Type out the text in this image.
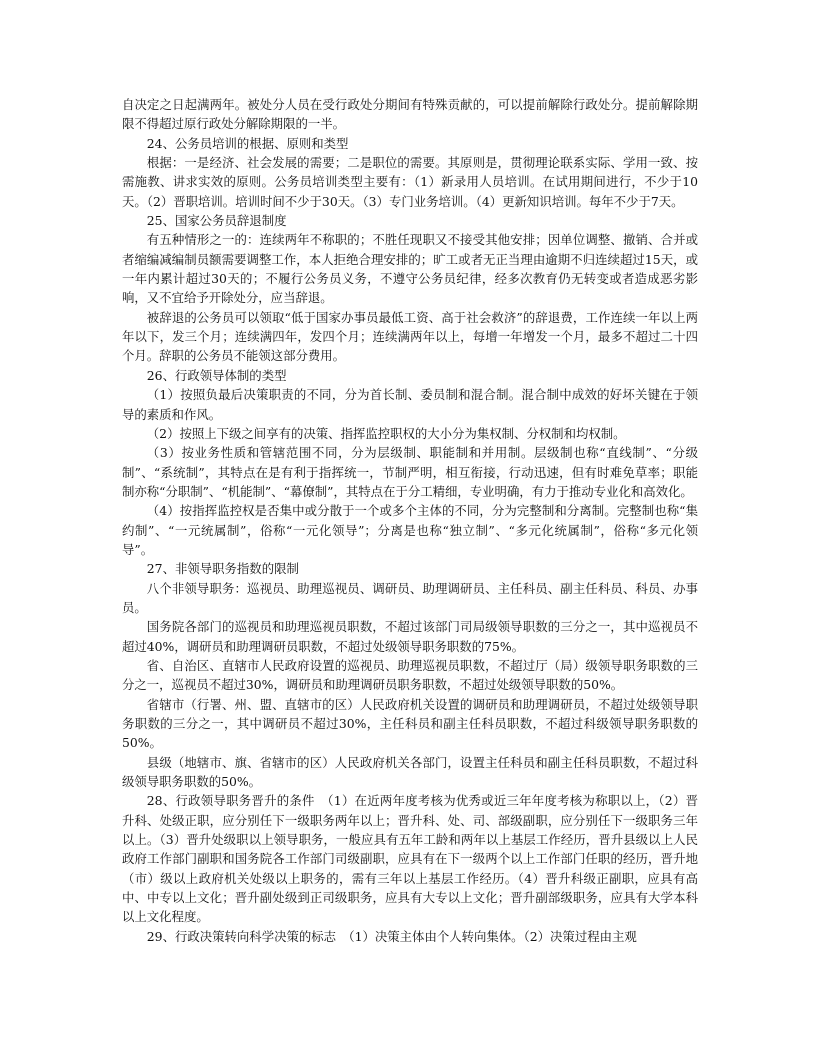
自决定之日起满两年。被处分人员在受行政处分期间有特殊贡献的，可以提前解除行政处分。提前解除期限不得超过原行政处分解除期限的一半。

24、公务员培训的根据、原则和类型

根据：一是经济、社会发展的需要；二是职位的需要。其原则是，贯彻理论联系实际、学用一致、按需施教、讲求实效的原则。公务员培训类型主要有：（1）新录用人员培训。在试用期间进行，不少于10天。（2）晋职培训。培训时间不少于30天。（3）专门业务培训。（4）更新知识培训。每年不少于7天。

25、国家公务员辞退制度

有五种情形之一的：连续两年不称职的；不胜任现职又不接受其他安排；因单位调整、撤销、合并或者缩编减编制员额需要调整工作，本人拒绝合理安排的；旷工或者无正当理由逾期不归连续超过15天，或一年内累计超过30天的；不履行公务员义务，不遵守公务员纪律，经多次教育仍无转变或者造成恶劣影响，又不宜给予开除处分，应当辞退。

被辞退的公务员可以领取“低于国家办事员最低工资、高于社会救济”的辞退费，工作连续一年以上两年以下，发三个月；连续满四年，发四个月；连续满两年以上，每增一年增发一个月，最多不超过二十四个月。辞职的公务员不能领这部分费用。

26、行政领导体制的类型

（1）按照负最后决策职责的不同，分为首长制、委员制和混合制。混合制中成效的好坏关键在于领导的素质和作风。

（2）按照上下级之间享有的决策、指挥监控职权的大小分为集权制、分权制和均权制。

（3）按业务性质和管辖范围不同，分为层级制、职能制和并用制。层级制也称“直线制”、“分级制”、“系统制”，其特点在是有利于指挥统一，节制严明，相互衔接，行动迅速，但有时难免草率；职能制亦称“分职制”、“机能制”、“幕僚制”，其特点在于分工精细，专业明确，有力于推动专业化和高效化。

（4）按指挥监控权是否集中或分散于一个或多个主体的不同，分为完整制和分离制。完整制也称“集约制”、“一元统属制”，俗称“一元化领导”；分离是也称“独立制”、“多元化统属制”，俗称“多元化领导”。

27、非领导职务指数的限制

八个非领导职务：巡视员、助理巡视员、调研员、助理调研员、主任科员、副主任科员、科员、办事员。

国务院各部门的巡视员和助理巡视员职数，不超过该部门司局级领导职数的三分之一，其中巡视员不超过40%，调研员和助理调研员职数，不超过处级领导职务职数的75%。

省、自治区、直辖市人民政府设置的巡视员、助理巡视员职数，不超过厅（局）级领导职务职数的三分之一，巡视员不超过30%，调研员和助理调研员职务职数，不超过处级领导职数的50%。

省辖市（行署、州、盟、直辖市的区）人民政府机关设置的调研员和助理调研员，不超过处级领导职务职数的三分之一，其中调研员不超过30%，主任科员和副主任科员职数，不超过科级领导职务职数的50%。

县级（地辖市、旗、省辖市的区）人民政府机关各部门，设置主任科员和副主任科员职数，不超过科级领导职务职数的50%。

28、行政领导职务晋升的条件　（1）在近两年度考核为优秀或近三年年度考核为称职以上，（2）晋升科、处级正职，应分别任下一级职务两年以上；晋升科、处、司、部级副职，应分别任下一级职务三年以上。（3）晋升处级职以上领导职务，一般应具有五年工龄和两年以上基层工作经历，晋升县级以上人民政府工作部门副职和国务院各工作部门司级副职，应具有在下一级两个以上工作部门任职的经历，晋升地（市）级以上政府机关处级以上职务的，需有三年以上基层工作经历。（4）晋升科级正副职，应具有高中、中专以上文化；晋升副处级到正司级职务，应具有大专以上文化；晋升副部级职务，应具有大学本科以上文化程度。

29、行政决策转向科学决策的标志　（1）决策主体由个人转向集体。（2）决策过程由主观
